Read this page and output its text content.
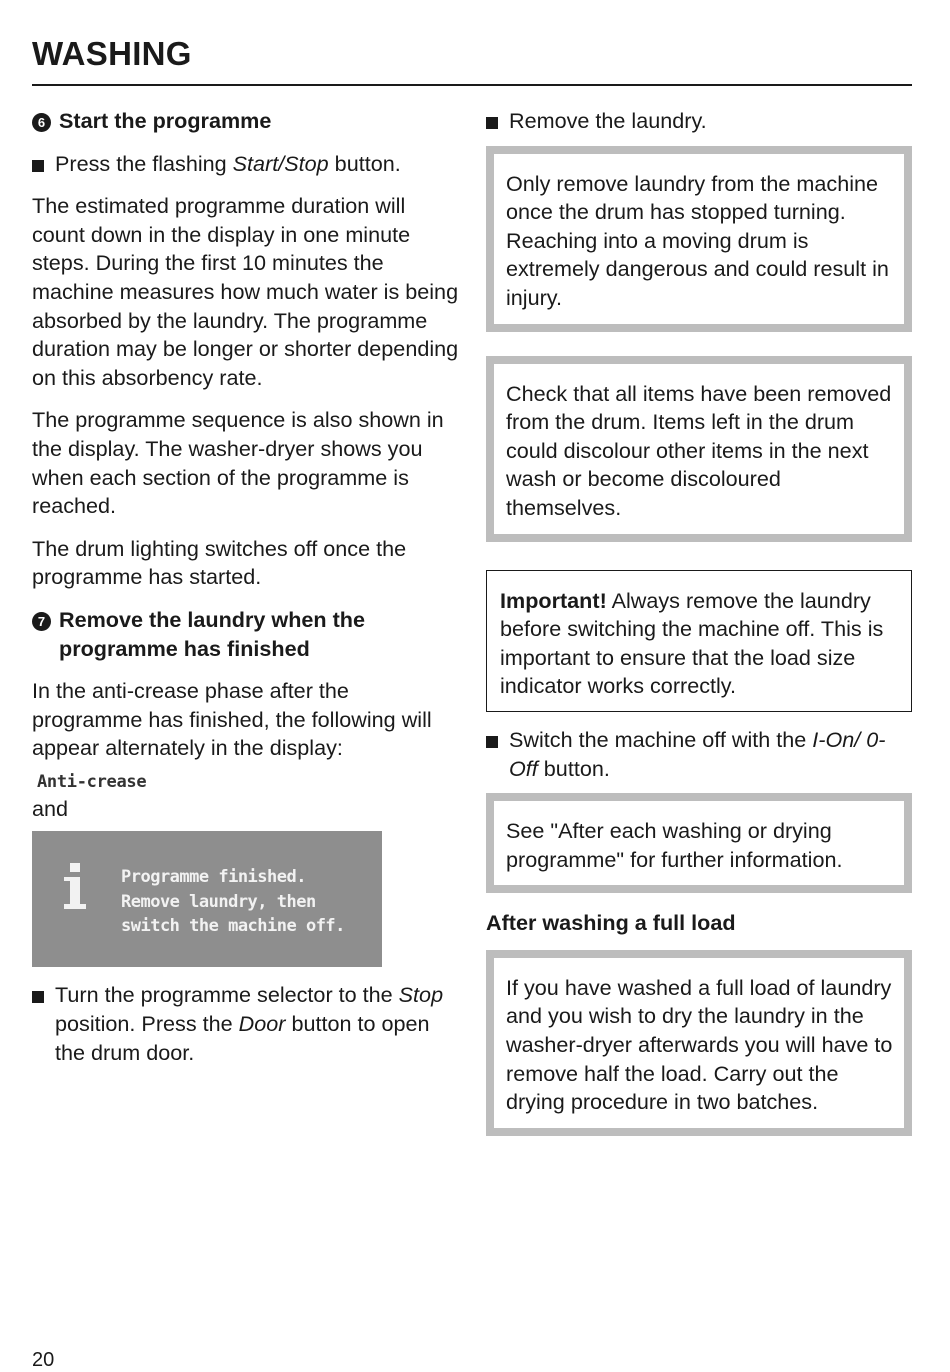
WASHING
6 Start the programme
Press the flashing Start/Stop button.

The estimated programme duration will count down in the display in one minute steps. During the first 10 minutes the machine measures how much water is being absorbed by the laundry. The programme duration may be longer or shorter depending on this absorbency rate.

The programme sequence is also shown in the display. The washer-dryer shows you when each section of the programme is reached.

The drum lighting switches off once the programme has started.

7 Remove the laundry when the
programme has finished

In the anti-crease phase after the programme has finished, the following will appear alternately in the display:

Anti-crease

and

Programme finished.
Remove laundry, then
switch the machine off.
Turn the programme selector to the Stop position. Press the Door button to open the drum door.
Remove the laundry.
Only remove laundry from the machine once the drum has stopped turning. Reaching into a moving drum is extremely dangerous and could result in injury.
Check that all items have been removed from the drum. Items left in the drum could discolour other items in the next wash or become discoloured themselves.
Important! Always remove the laundry before switching the machine off. This is important to ensure that the load size indicator works correctly.
Switch the machine off with the I-On/ 0-Off button.
See "After each washing or drying programme" for further information.
After washing a full load
If you have washed a full load of laundry and you wish to dry the laundry in the washer-dryer afterwards you will have to remove half the load. Carry out the drying procedure in two batches.
20
